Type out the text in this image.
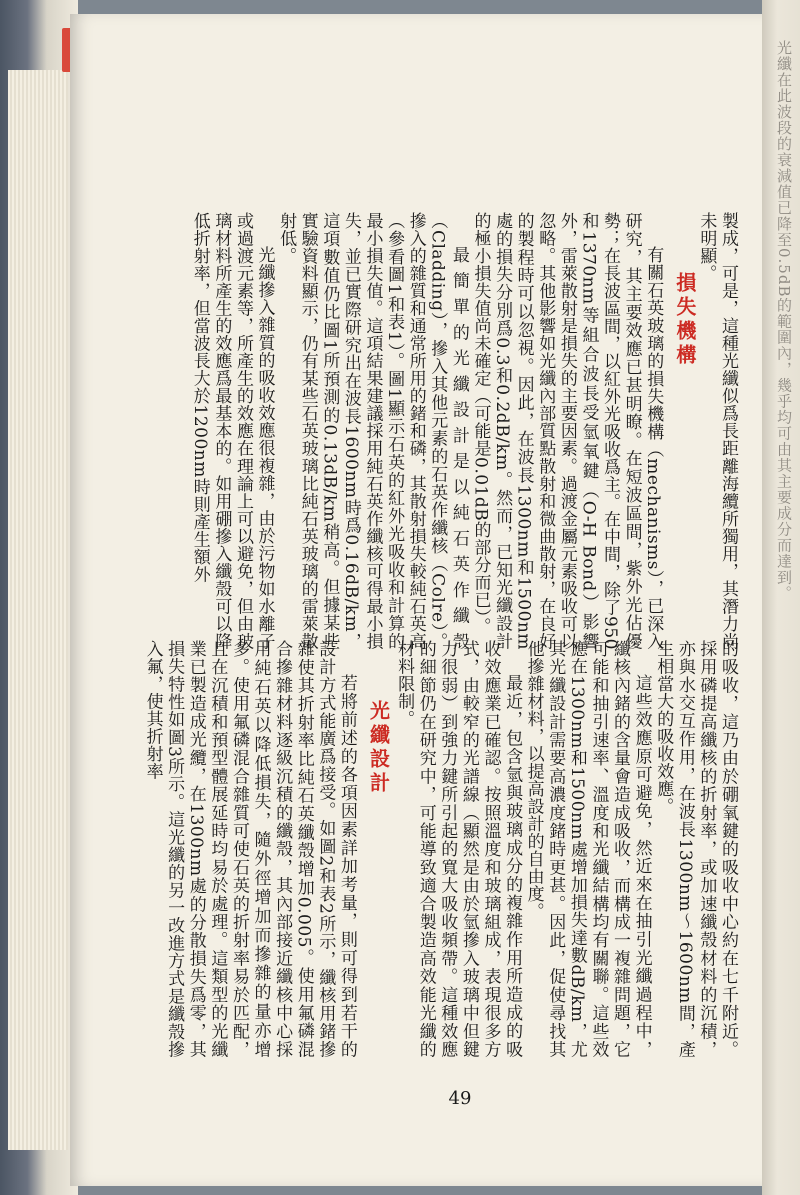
光纖在此波段的衰減值已降至0.5dB的範圍內，幾乎均可由其主要成分而達到。

製成，可是，這種光纖似爲長距離海纜所獨用，其潛力尚未明顯。

損失機構

有關石英玻璃的損失機構（mechanisms），已深入研究，其主要效應已甚明瞭。在短波區間，紫外光佔優勢；在長波區間，以紅外光吸收爲主。在中間，除了950和1370nm等組合波長受氫氧鍵（O-H Bond）影響外，雷萊散射是損失的主要因素。過渡金屬元素吸收可以忽略。其他影響如光纖內部質點散射和微曲散射，在良好的製程時可以忽視。因此，在波長1300nm和1500nm處的損失分別爲0.3和0.2dB/km。然而，已知光纖設計的極小損失值尚未確定（可能是0.01dB的部分而已）。

最簡單的光纖設計是以純石英作纖殼（Cladding），摻入其他元素的石英作纖核（Colre）。摻入的雜質和通常所用的鍺和磷，其散射損失較純石英高（參看圖1和表1）。圖1顯示石英的紅外光吸收和計算的最小損失值。這項結果建議採用純石英作纖核可得最小損失，並已實際研究出在波長1600nm時爲0.16dB/km，這項數值仍比圖1所預測的0.13dB/km稍高。但據某些實驗資料顯示，仍有某些石英玻璃比純石英玻璃的雷萊散射低。

光纖摻入雜質的吸收效應很複雜，由於污物如水離子或過渡元素等，所產生的效應在理論上可以避免，但由玻璃材料所產生的效應爲最基本的。如用硼摻入纖殼可以降低折射率，但當波長大於1200nm時則產生額外

的吸收，這乃由於硼氧鍵的吸收中心約在七千附近。採用磷提高纖核的折射率，或加速纖殼材料的沉積，亦與水交互作用，在波長1300nm～1600nm間，產生相當大的吸收效應。

這些效應原可避免，然近來在抽引光纖過程中，纖核內鍺的含量會造成吸收，而構成一複雜問題，它可能和抽引速率、溫度和光纖結構均有關聯。這些效應在1300nm和1500nm處增加損失達數dB/km，尤其光纖設計需要高濃度鍺時更甚。因此，促使尋找其他摻雜材料，以提高設計的自由度。

最近，包含氫與玻璃成分的複雜作用所造成的吸收效應業已確認。按照溫度和玻璃組成，表現很多方式，由較窄的光譜線（顯然是由於氫摻入玻璃中但鍵力很弱）到強力鍵所引起的寬大吸收頻帶。這種效應的細節仍在研究中，可能導致適合製造高效能光纖的材料限制。

光纖設計

若將前述的各項因素詳加考量，則可得到若干的設計方式能廣爲接受。如圖2和表2所示，纖核用鍺摻雜使其折射率比純石英纖殼增加0.005。使用氟磷混合摻雜材料逐級沉積的纖殼，其內部接近纖核中心採用純石英以降低損失，隨外徑增加而摻雜的量亦增多。使用氟磷混合雜質可使石英的折射率易於匹配，且在沉積和預型體展延時均易於處理。這類型的光纖業已製造成光纜，在1300nm處的分散損失爲零，其損失特性如圖3所示。這光纖的另一改進方式是纖殼摻入氟，使其折射率

49
